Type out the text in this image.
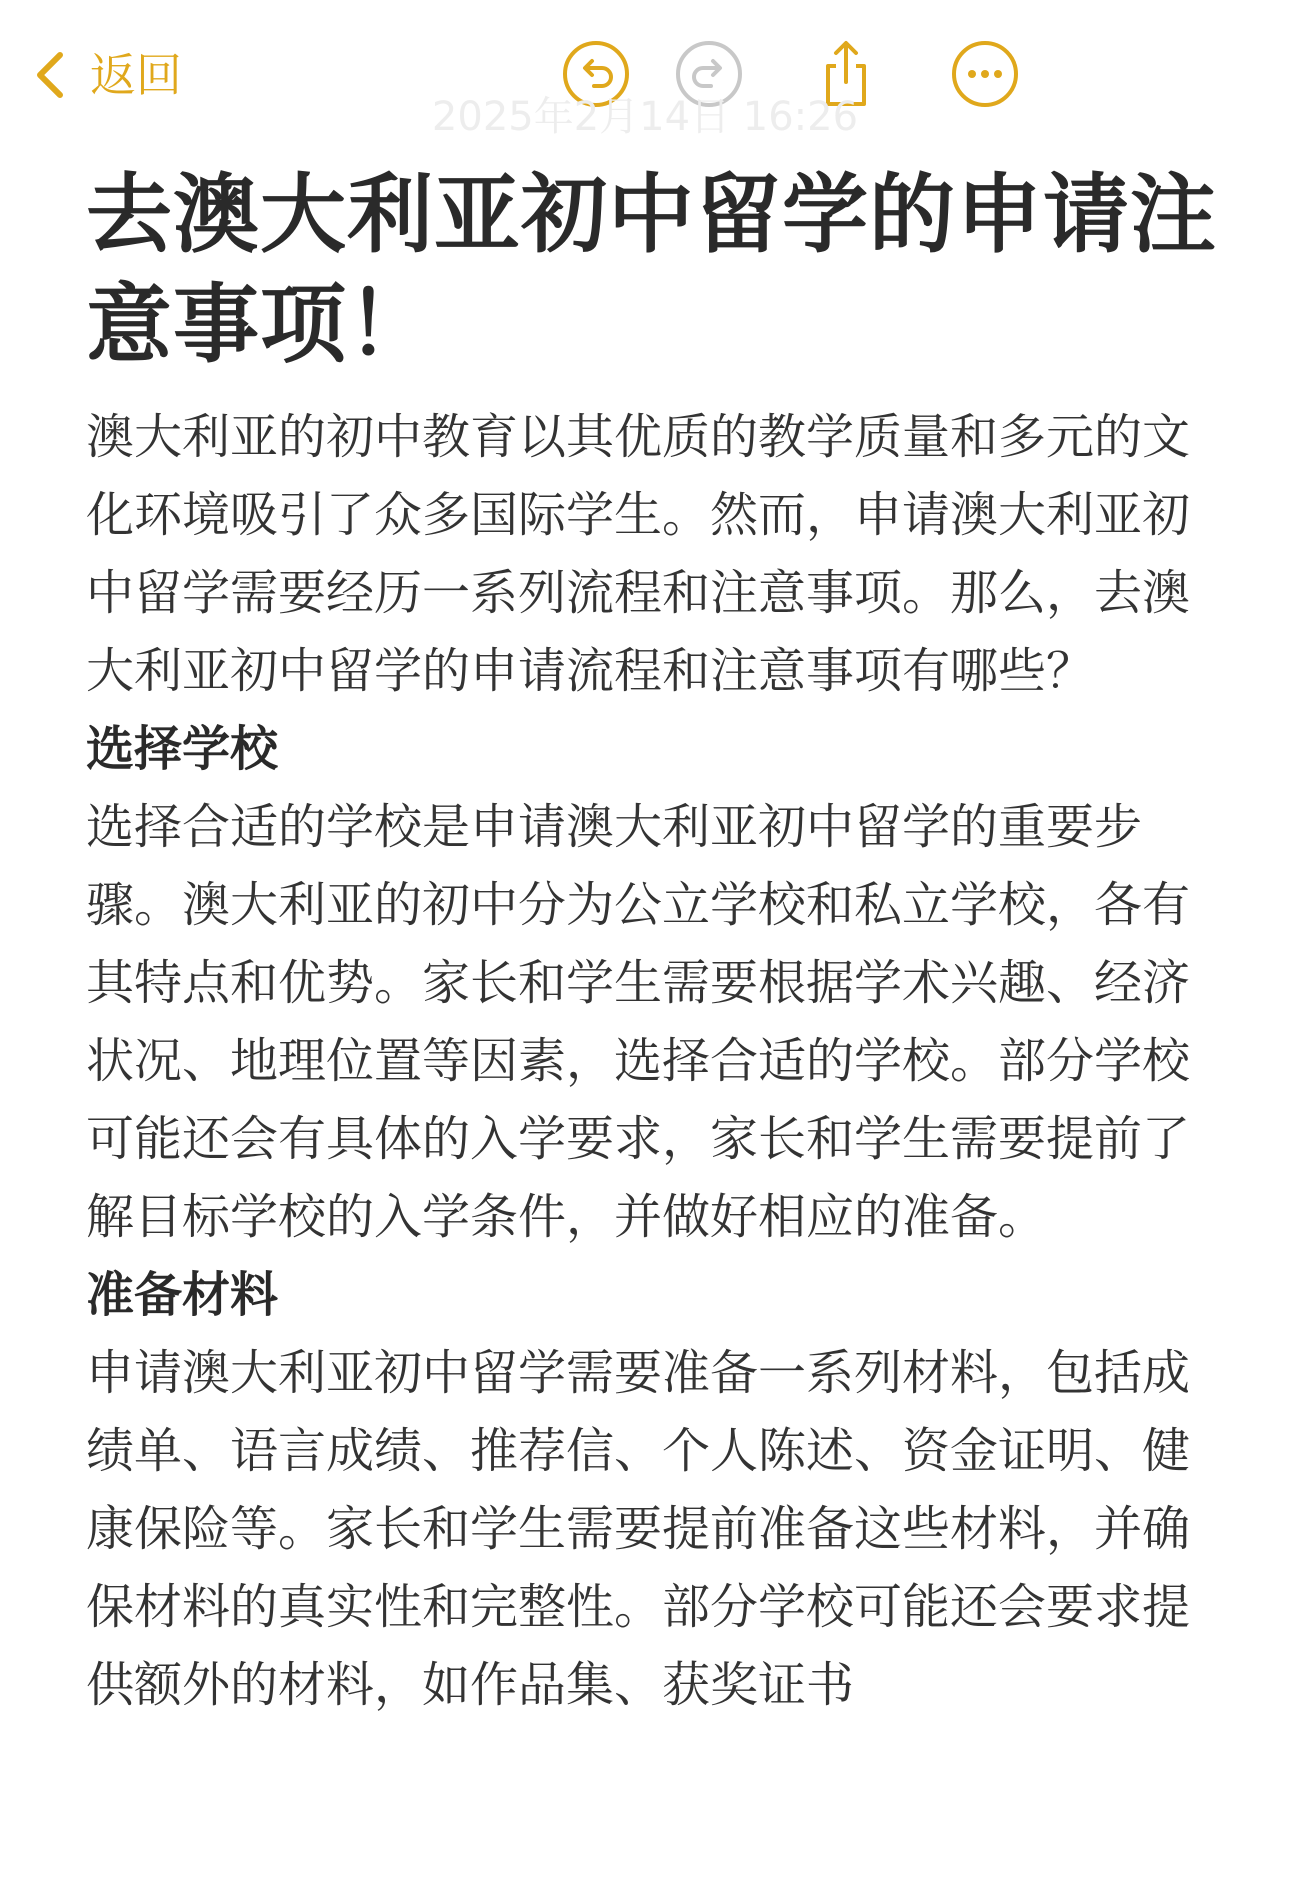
返回
2025年2月14日 16:26
去澳大利亚初中留学的申请注意事项！

澳大利亚的初中教育以其优质的教学质量和多元的文化环境吸引了众多国际学生。然而，申请澳大利亚初中留学需要经历一系列流程和注意事项。那么，去澳大利亚初中留学的申请流程和注意事项有哪些？

选择学校

选择合适的学校是申请澳大利亚初中留学的重要步骤。澳大利亚的初中分为公立学校和私立学校，各有其特点和优势。家长和学生需要根据学术兴趣、经济状况、地理位置等因素，选择合适的学校。部分学校可能还会有具体的入学要求，家长和学生需要提前了解目标学校的入学条件，并做好相应的准备。

准备材料

申请澳大利亚初中留学需要准备一系列材料，包括成绩单、语言成绩、推荐信、个人陈述、资金证明、健康保险等。家长和学生需要提前准备这些材料，并确保材料的真实性和完整性。部分学校可能还会要求提供额外的材料，如作品集、获奖证书
